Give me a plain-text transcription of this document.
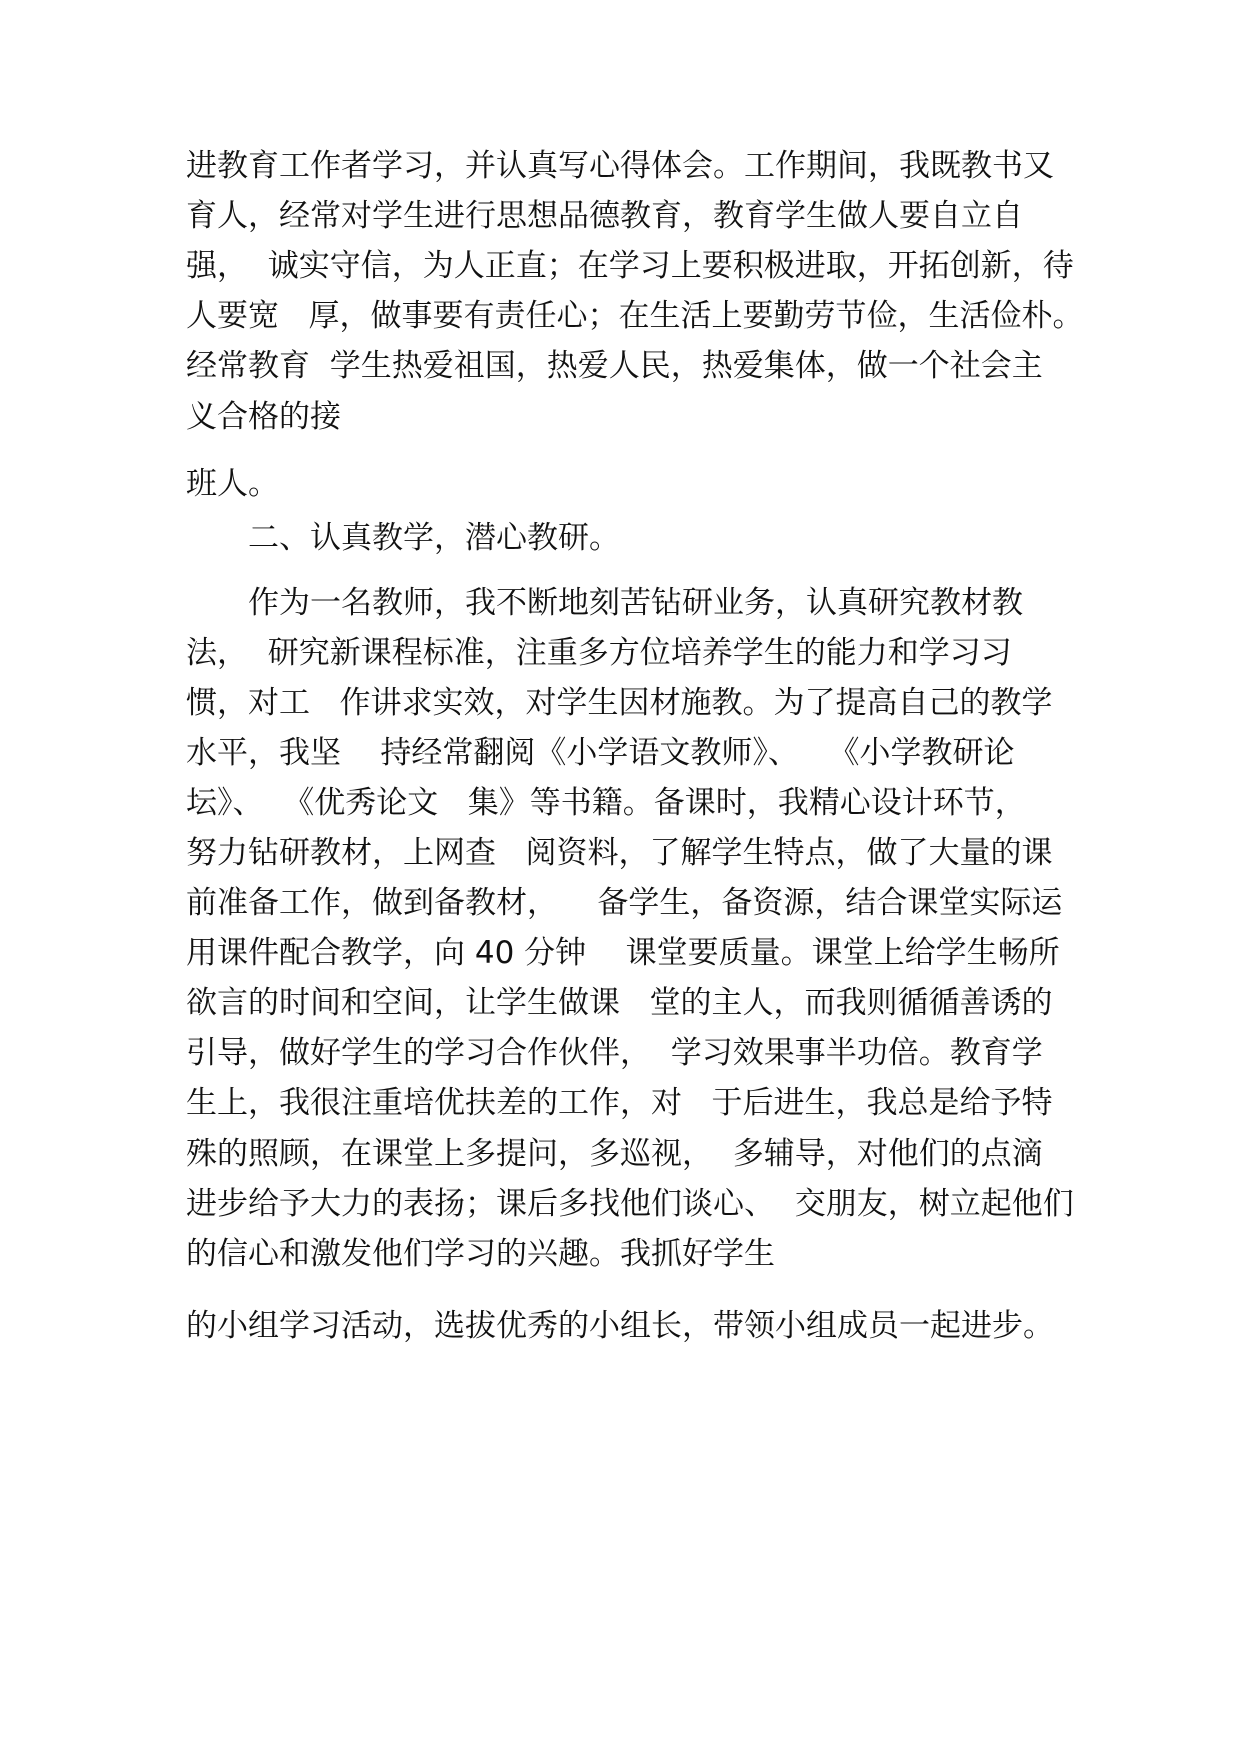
进教育工作者学习，并认真写心得体会。工作期间，我既教书又
育人，经常对学生进行思想品德教育，教育学生做人要自立自
强，  诚实守信，为人正直；在学习上要积极进取，开拓创新，待
人要宽   厚，做事要有责任心；在生活上要勤劳节俭，生活俭朴。
经常教育  学生热爱祖国，热爱人民，热爱集体，做一个社会主
义合格的接
班人。
二、认真教学，潜心教研。
作为一名教师，我不断地刻苦钻研业务，认真研究教材教
法，  研究新课程标准，注重多方位培养学生的能力和学习习
惯，对工   作讲求实效，对学生因材施教。为了提高自己的教学
水平，我坚    持经常翻阅《小学语文教师》、   《小学教研论
坛》、  《优秀论文   集》等书籍。备课时，我精心设计环节，
努力钻研教材，上网查   阅资料，了解学生特点，做了大量的课
前准备工作，做到备教材，    备学生，备资源，结合课堂实际运
用课件配合教学，向 40 分钟    课堂要质量。课堂上给学生畅所
欲言的时间和空间，让学生做课   堂的主人，而我则循循善诱的
引导，做好学生的学习合作伙伴，  学习效果事半功倍。教育学
生上，我很注重培优扶差的工作，对   于后进生，我总是给予特
殊的照顾，在课堂上多提问，多巡视，  多辅导，对他们的点滴
进步给予大力的表扬；课后多找他们谈心、  交朋友，树立起他们
的信心和激发他们学习的兴趣。我抓好学生
的小组学习活动，选拔优秀的小组长，带领小组成员一起进步。
